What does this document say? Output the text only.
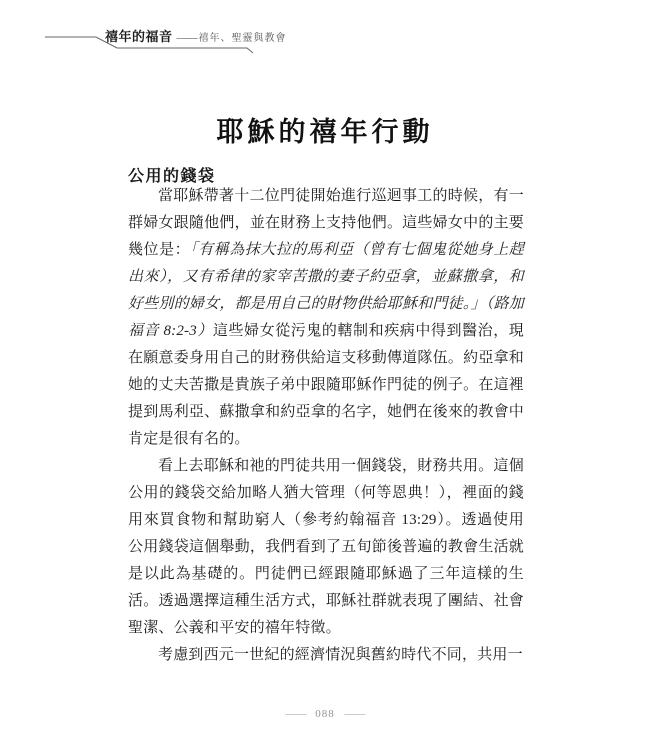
禧年的福音 —— 禧年、聖靈與教會
耶穌的禧年行動
公用的錢袋

當耶穌帶著十二位門徒開始進行巡迴事工的時候，有一群婦女跟隨他們，並在財務上支持他們。這些婦女中的主要幾位是：「有稱為抹大拉的馬利亞（曾有七個鬼從她身上趕出來），又有希律的家宰苦撒的妻子約亞拿，並蘇撒拿，和好些別的婦女，都是用自己的財物供給耶穌和門徒。」（路加福音 8:2-3）這些婦女從污鬼的轄制和疾病中得到醫治，現在願意委身用自己的財務供給這支移動傳道隊伍。約亞拿和她的丈夫苦撒是貴族子弟中跟隨耶穌作門徒的例子。在這裡提到馬利亞、蘇撒拿和約亞拿的名字，她們在後來的教會中肯定是很有名的。

看上去耶穌和祂的門徒共用一個錢袋，財務共用。這個公用的錢袋交給加略人猶大管理（何等恩典！），裡面的錢用來買食物和幫助窮人（參考約翰福音 13:29）。透過使用公用錢袋這個舉動，我們看到了五旬節後普遍的教會生活就是以此為基礎的。門徒們已經跟隨耶穌過了三年這樣的生活。透過選擇這種生活方式，耶穌社群就表現了團結、社會聖潔、公義和平安的禧年特徵。

考慮到西元一世紀的經濟情況與舊約時代不同，共用一

—— 088 ——
